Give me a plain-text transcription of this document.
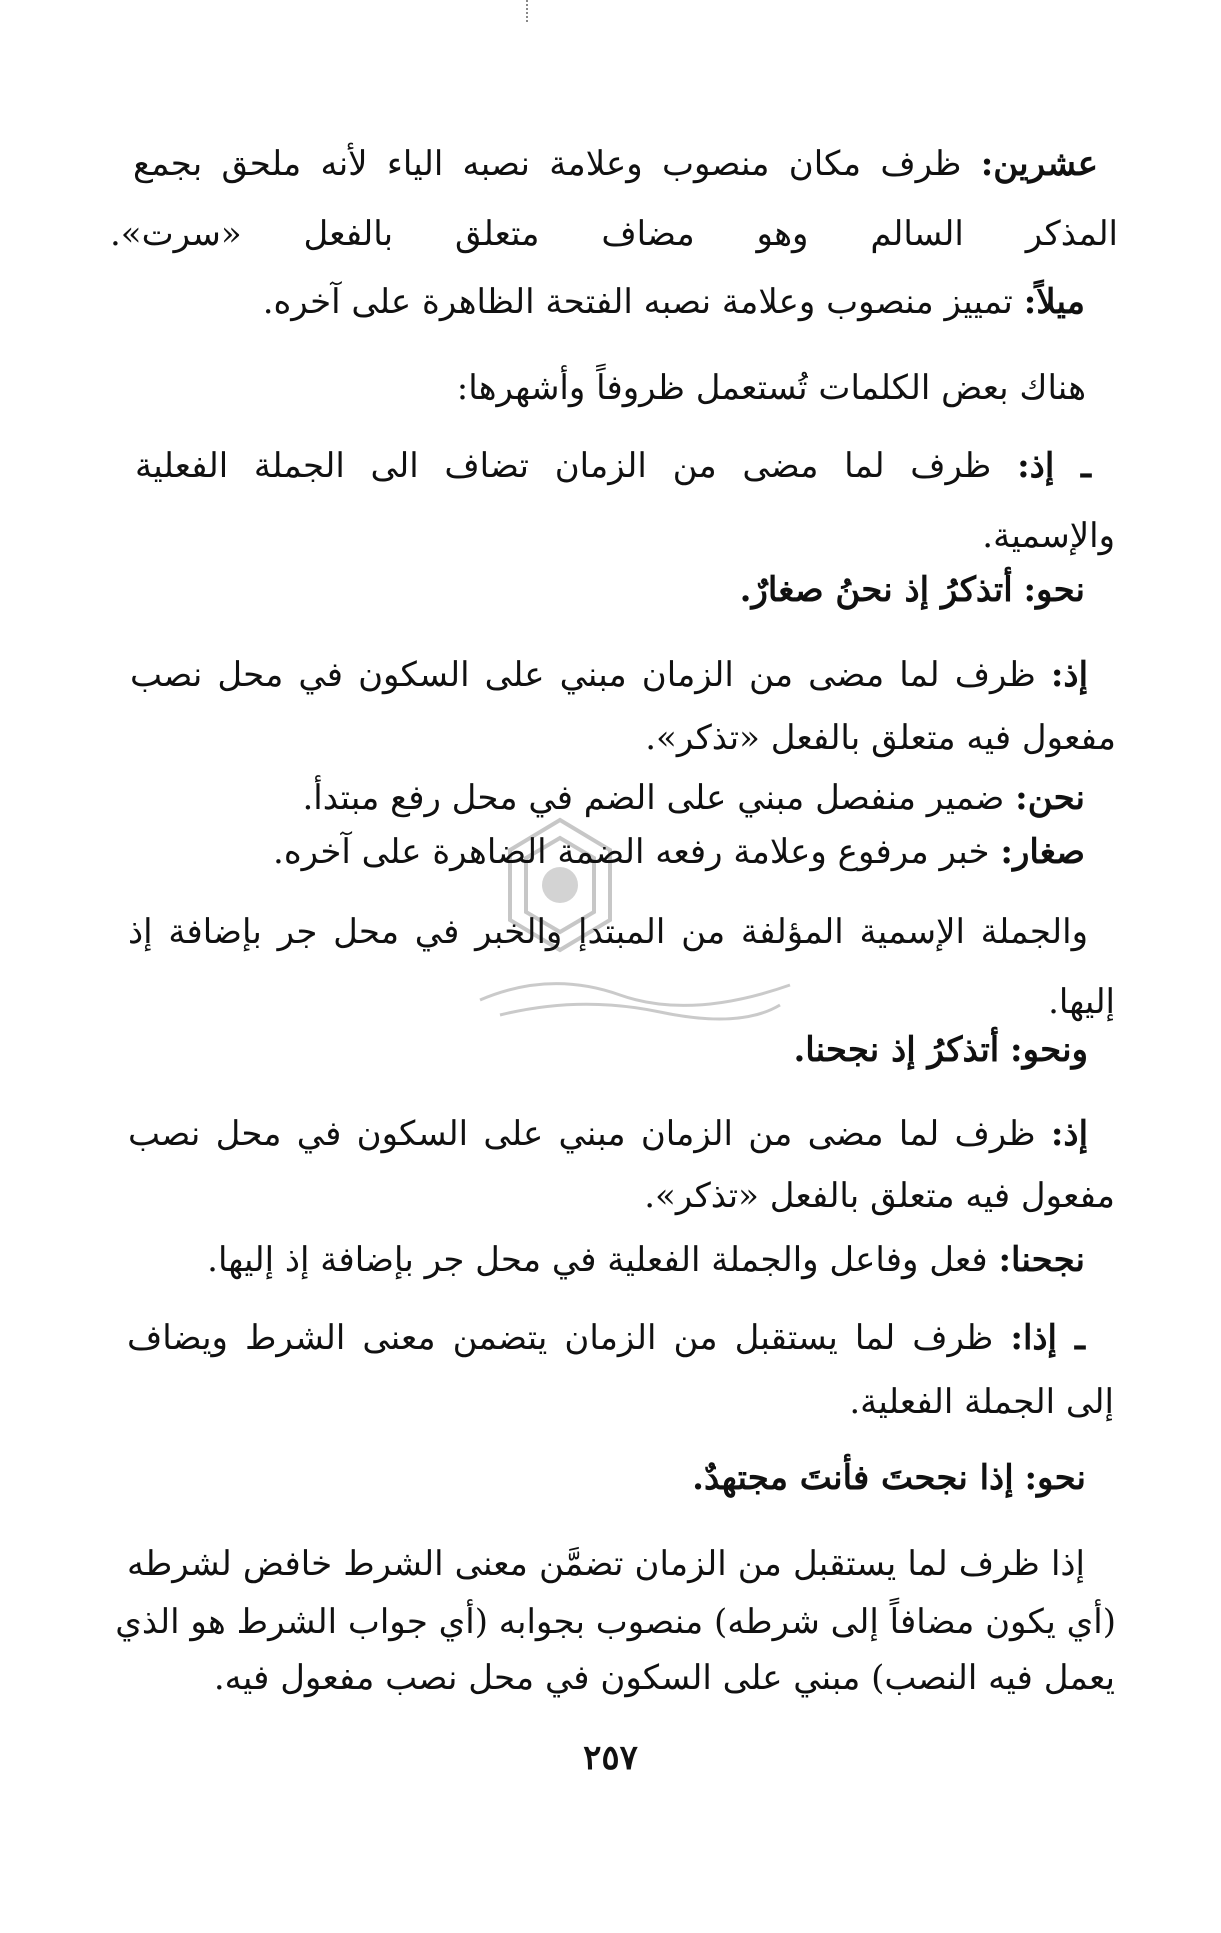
عشرين: ظرف مكان منصوب وعلامة نصبه الياء لأنه ملحق بجمع
المذكر السالم وهو مضاف متعلق بالفعل «سرت».
ميلاً: تمييز منصوب وعلامة نصبه الفتحة الظاهرة على آخره.
هناك بعض الكلمات تُستعمل ظروفاً وأشهرها:
ـ إذ: ظرف لما مضى من الزمان تضاف الى الجملة الفعلية
والإسمية.
نحو: أتذكرُ إذ نحنُ صغارٌ.
إذ: ظرف لما مضى من الزمان مبني على السكون في محل نصب
مفعول فيه متعلق بالفعل «تذكر».
نحن: ضمير منفصل مبني على الضم في محل رفع مبتدأ.
صغار: خبر مرفوع وعلامة رفعه الضمة الضاهرة على آخره.
والجملة الإسمية المؤلفة من المبتدإ والخبر في محل جر بإضافة إذ
إليها.
ونحو: أتذكرُ إذ نجحنا.
إذ: ظرف لما مضى من الزمان مبني على السكون في محل نصب
مفعول فيه متعلق بالفعل «تذكر».
نجحنا: فعل وفاعل والجملة الفعلية في محل جر بإضافة إذ إليها.
ـ إذا: ظرف لما يستقبل من الزمان يتضمن معنى الشرط ويضاف
إلى الجملة الفعلية.
نحو: إذا نجحتَ فأنتَ مجتهدٌ.
إذا ظرف لما يستقبل من الزمان تضمَّن معنى الشرط خافض لشرطه
(أي يكون مضافاً إلى شرطه) منصوب بجوابه (أي جواب الشرط هو الذي
يعمل فيه النصب) مبني على السكون في محل نصب مفعول فيه.
٢٥٧
